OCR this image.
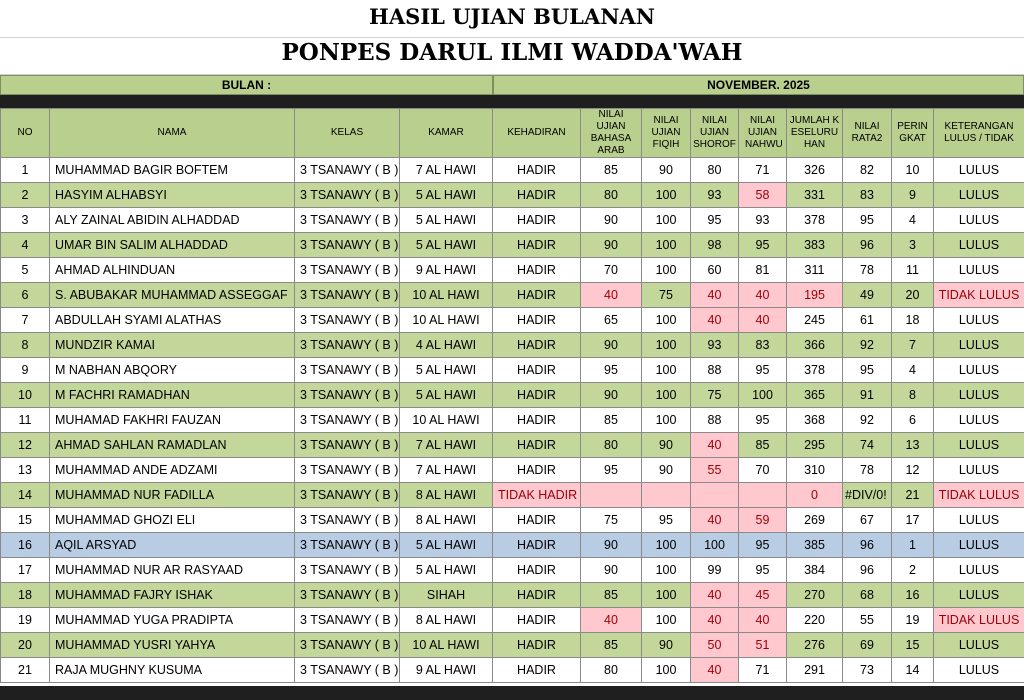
HASIL UJIAN BULANAN
PONPES DARUL ILMI WADDA'WAH
BULAN :	NOVEMBER. 2025
NO	NAMA	KELAS	KAMAR	KEHADIRAN	NILAI UJIAN BAHASA ARAB	NILAI UJIAN FIQIH	NILAI UJIAN SHOROF	NILAI UJIAN NAHWU	JUMLAH KESELURUHAN	NILAI RATA2	PERINGKAT	KETERANGAN LULUS / TIDAK
1	MUHAMMAD BAGIR BOFTEM	3 TSANAWY ( B )	7 AL HAWI	HADIR	85	90	80	71	326	82	10	LULUS
2	HASYIM ALHABSYI	3 TSANAWY ( B )	5 AL HAWI	HADIR	80	100	93	58	331	83	9	LULUS
3	ALY ZAINAL ABIDIN ALHADDAD	3 TSANAWY ( B )	5 AL HAWI	HADIR	90	100	95	93	378	95	4	LULUS
4	UMAR BIN SALIM ALHADDAD	3 TSANAWY ( B )	5 AL HAWI	HADIR	90	100	98	95	383	96	3	LULUS
5	AHMAD ALHINDUAN	3 TSANAWY ( B )	9 AL HAWI	HADIR	70	100	60	81	311	78	11	LULUS
6	S. ABUBAKAR MUHAMMAD ASSEGGAF	3 TSANAWY ( B )	10 AL HAWI	HADIR	40	75	40	40	195	49	20	TIDAK LULUS
7	ABDULLAH SYAMI ALATHAS	3 TSANAWY ( B )	10 AL HAWI	HADIR	65	100	40	40	245	61	18	LULUS
8	MUNDZIR KAMAI	3 TSANAWY ( B )	4 AL HAWI	HADIR	90	100	93	83	366	92	7	LULUS
9	M NABHAN ABQORY	3 TSANAWY ( B )	5 AL HAWI	HADIR	95	100	88	95	378	95	4	LULUS
10	M FACHRI RAMADHAN	3 TSANAWY ( B )	5 AL HAWI	HADIR	90	100	75	100	365	91	8	LULUS
11	MUHAMAD FAKHRI FAUZAN	3 TSANAWY ( B )	10 AL HAWI	HADIR	85	100	88	95	368	92	6	LULUS
12	AHMAD SAHLAN RAMADLAN	3 TSANAWY ( B )	7 AL HAWI	HADIR	80	90	40	85	295	74	13	LULUS
13	MUHAMMAD ANDE ADZAMI	3 TSANAWY ( B )	7 AL HAWI	HADIR	95	90	55	70	310	78	12	LULUS
14	MUHAMMAD NUR FADILLA	3 TSANAWY ( B )	8 AL HAWI	TIDAK HADIR					0	#DIV/0!	21	TIDAK LULUS
15	MUHAMMAD GHOZI ELI	3 TSANAWY ( B )	8 AL HAWI	HADIR	75	95	40	59	269	67	17	LULUS
16	AQIL ARSYAD	3 TSANAWY ( B )	5 AL HAWI	HADIR	90	100	100	95	385	96	1	LULUS
17	MUHAMMAD NUR AR RASYAAD	3 TSANAWY ( B )	5 AL HAWI	HADIR	90	100	99	95	384	96	2	LULUS
18	MUHAMMAD FAJRY ISHAK	3 TSANAWY ( B )	SIHAH	HADIR	85	100	40	45	270	68	16	LULUS
19	MUHAMMAD YUGA PRADIPTA	3 TSANAWY ( B )	8 AL HAWI	HADIR	40	100	40	40	220	55	19	TIDAK LULUS
20	MUHAMMAD YUSRI YAHYA	3 TSANAWY ( B )	10 AL HAWI	HADIR	85	90	50	51	276	69	15	LULUS
21	RAJA MUGHNY KUSUMA	3 TSANAWY ( B )	9 AL HAWI	HADIR	80	100	40	71	291	73	14	LULUS
